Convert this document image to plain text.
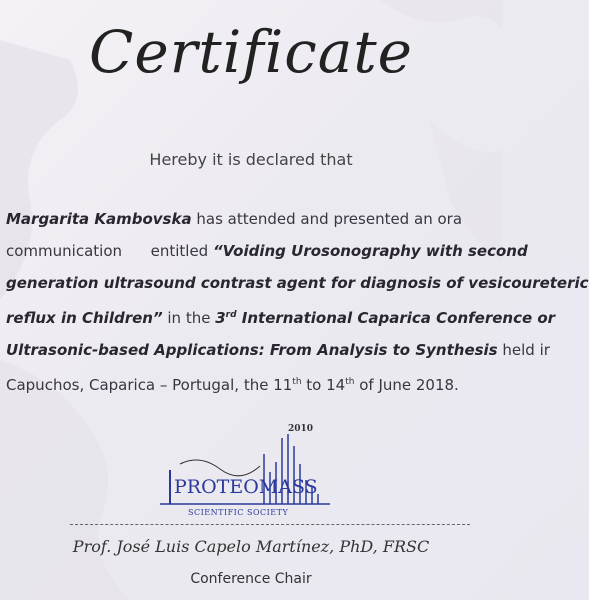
Certificate
Hereby it is declared that
Margarita Kambovska has attended and presented an ora
communication entitled “Voiding Urosonography with second
generation ultrasound contrast agent for diagnosis of vesicoureteric
reflux in Children” in the 3rd International Caparica Conference or
Ultrasonic-based Applications: From Analysis to Synthesis held ir
Capuchos, Caparica – Portugal, the 11th to 14th of June 2018.
2010
PROTEOMASS
SCIENTIFIC SOCIETY
Prof. José Luis Capelo Martínez, PhD, FRSC
Conference Chair
